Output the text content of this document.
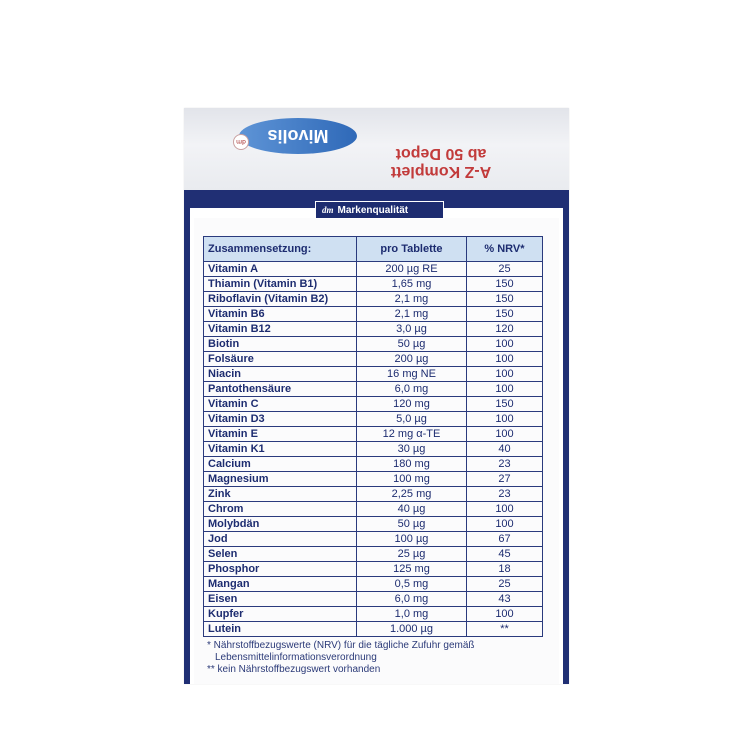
Mivolis
dm
A-Z Komplett
ab 50 Depot
dm Markenqualität
Zusammensetzung:	pro Tablette	% NRV*
Vitamin A	200 µg RE	25
Thiamin (Vitamin B1)	1,65 mg	150
Riboflavin (Vitamin B2)	2,1 mg	150
Vitamin B6	2,1 mg	150
Vitamin B12	3,0 µg	120
Biotin	50 µg	100
Folsäure	200 µg	100
Niacin	16 mg NE	100
Pantothensäure	6,0 mg	100
Vitamin C	120 mg	150
Vitamin D3	5,0 µg	100
Vitamin E	12 mg α-TE	100
Vitamin K1	30 µg	40
Calcium	180 mg	23
Magnesium	100 mg	27
Zink	2,25 mg	23
Chrom	40 µg	100
Molybdän	50 µg	100
Jod	100 µg	67
Selen	25 µg	45
Phosphor	125 mg	18
Mangan	0,5 mg	25
Eisen	6,0 mg	43
Kupfer	1,0 mg	100
Lutein	1.000 µg	**
* Nährstoffbezugswerte (NRV) für die tägliche Zufuhr gemäß
Lebensmittelinformationsverordnung
** kein Nährstoffbezugswert vorhanden
